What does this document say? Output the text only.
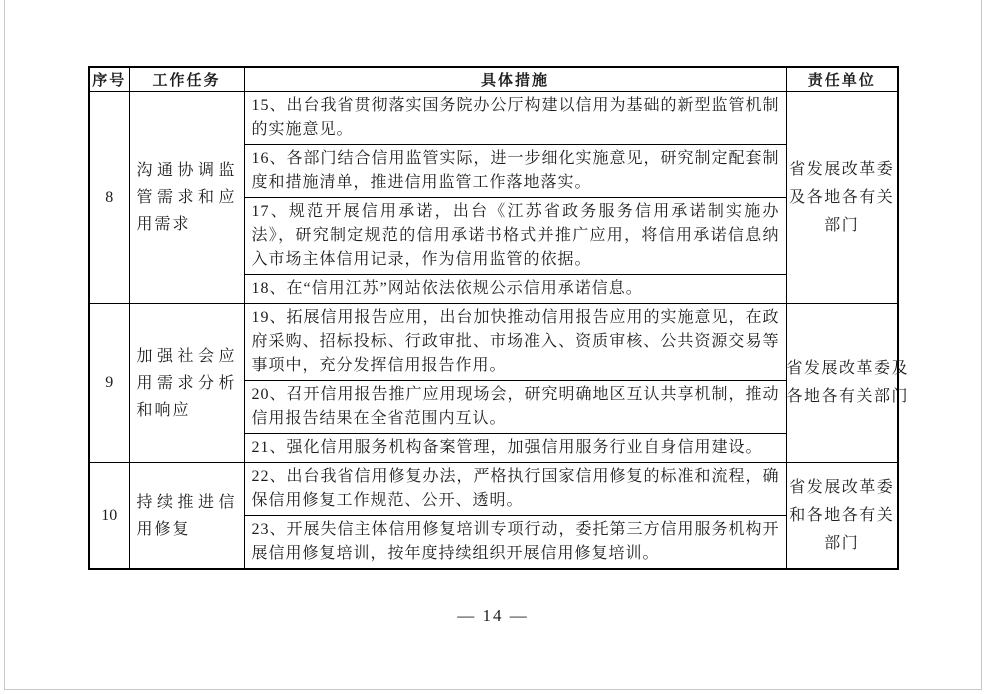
序号	工作任务	具体措施	责任单位
8	沟通协调监管需求和应用需求	15、出台我省贯彻落实国务院办公厅构建以信用为基础的新型监管机制的实施意见。	省发展改革委
及各地各有关
部门

		16、各部门结合信用监管实际，进一步细化实施意见，研究制定配套制度和措施清单，推进信用监管工作落地落实。	
		17、规范开展信用承诺，出台《江苏省政务服务信用承诺制实施办法》，研究制定规范的信用承诺书格式并推广应用，将信用承诺信息纳入市场主体信用记录，作为信用监管的依据。	
		18、在“信用江苏”网站依法依规公示信用承诺信息。	
9	加强社会应用需求分析和响应	19、拓展信用报告应用，出台加快推动信用报告应用的实施意见，在政府采购、招标投标、行政审批、市场准入、资质审核、公共资源交易等事项中，充分发挥信用报告作用。	省发展改革委及
各地各有关部门

		20、召开信用报告推广应用现场会，研究明确地区互认共享机制，推动信用报告结果在全省范围内互认。	
		21、强化信用服务机构备案管理，加强信用服务行业自身信用建设。	
10	持续推进信用修复	22、出台我省信用修复办法，严格执行国家信用修复的标准和流程，确保信用修复工作规范、公开、透明。	省发展改革委
和各地各有关
部门

		23、开展失信主体信用修复培训专项行动，委托第三方信用服务机构开展信用修复培训，按年度持续组织开展信用修复培训。	
— 14 —
